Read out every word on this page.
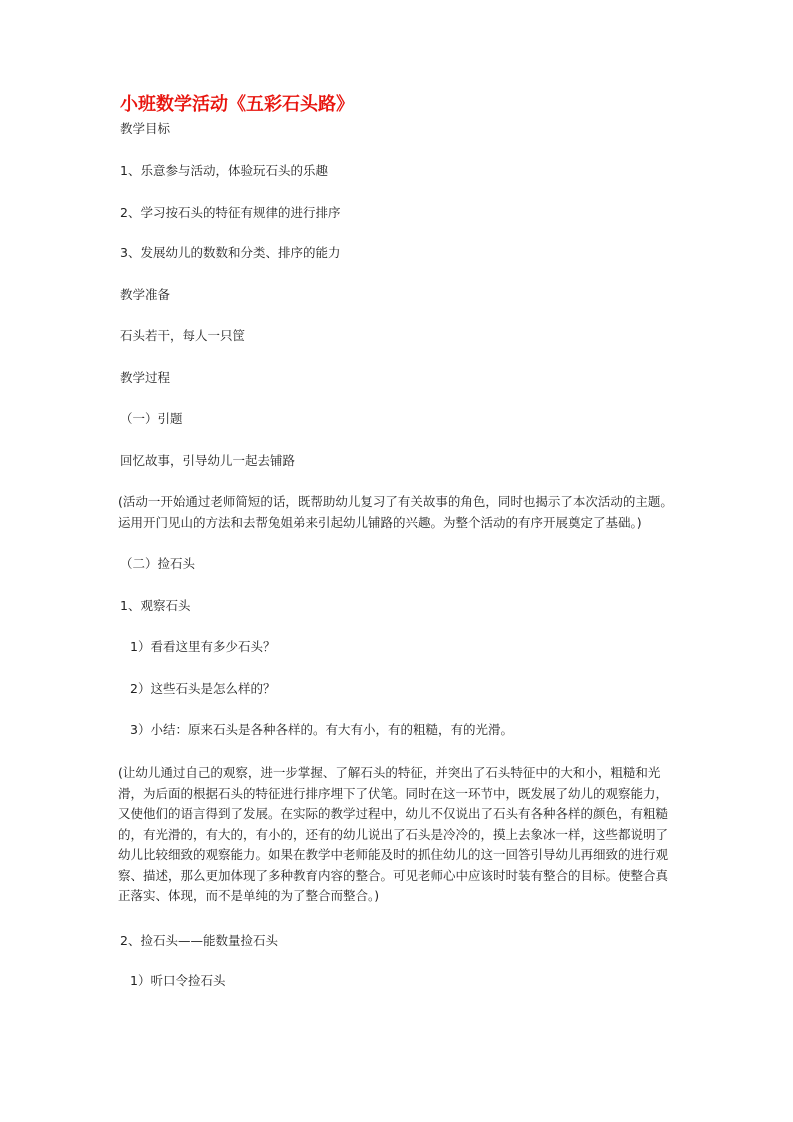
小班数学活动《五彩石头路》
教学目标
1、乐意参与活动，体验玩石头的乐趣
2、学习按石头的特征有规律的进行排序
3、发展幼儿的数数和分类、排序的能力
教学准备
石头若干，每人一只筐
教学过程
（一）引题
回忆故事，引导幼儿一起去铺路
(活动一开始通过老师简短的话，既帮助幼儿复习了有关故事的角色，同时也揭示了本次活动的主题。运用开门见山的方法和去帮兔姐弟来引起幼儿铺路的兴趣。为整个活动的有序开展奠定了基础。)
（二）捡石头
1、观察石头
1）看看这里有多少石头？
2）这些石头是怎么样的？
3）小结：原来石头是各种各样的。有大有小，有的粗糙，有的光滑。
(让幼儿通过自己的观察，进一步掌握、了解石头的特征，并突出了石头特征中的大和小，粗糙和光滑，为后面的根据石头的特征进行排序埋下了伏笔。同时在这一环节中，既发展了幼儿的观察能力，又使他们的语言得到了发展。在实际的教学过程中，幼儿不仅说出了石头有各种各样的颜色，有粗糙的，有光滑的，有大的，有小的，还有的幼儿说出了石头是冷冷的，摸上去象冰一样，这些都说明了幼儿比较细致的观察能力。如果在教学中老师能及时的抓住幼儿的这一回答引导幼儿再细致的进行观察、描述，那么更加体现了多种教育内容的整合。可见老师心中应该时时装有整合的目标。使整合真正落实、体现，而不是单纯的为了整合而整合。)
2、捡石头——能数量捡石头
1）听口令捡石头
